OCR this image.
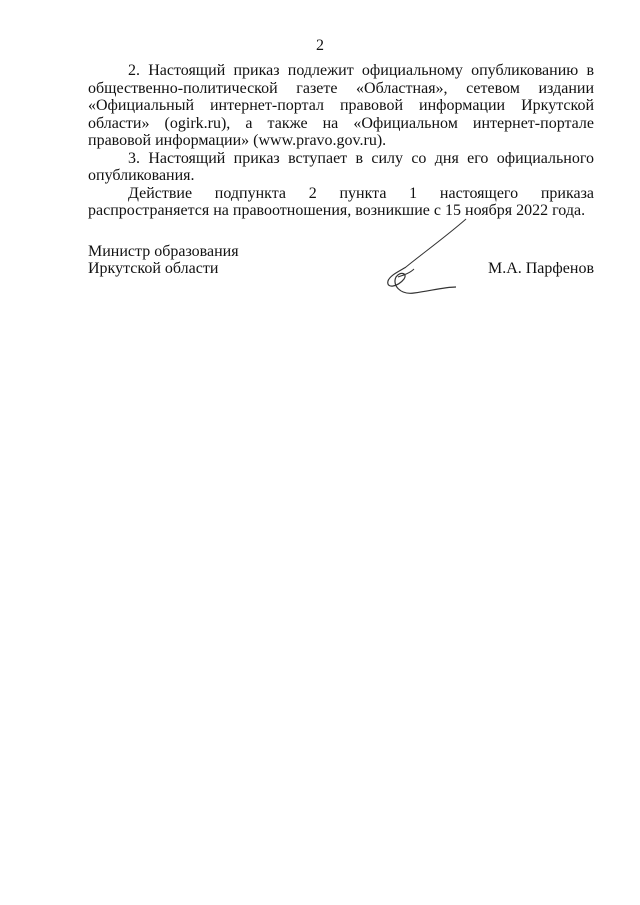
2

2. Настоящий приказ подлежит официальному опубликованию в общественно-политической газете «Областная», сетевом издании «Официальный интернет-портал правовой информации Иркутской области» (ogirk.ru), а также на «Официальном интернет-портале правовой информации» (www.pravo.gov.ru).

3. Настоящий приказ вступает в силу со дня его официального опубликования.

Действие подпункта 2 пункта 1 настоящего приказа распространяется на правоотношения, возникшие с 15 ноября 2022 года.

Министр образования
Иркутской области	М.А. Парфенов
